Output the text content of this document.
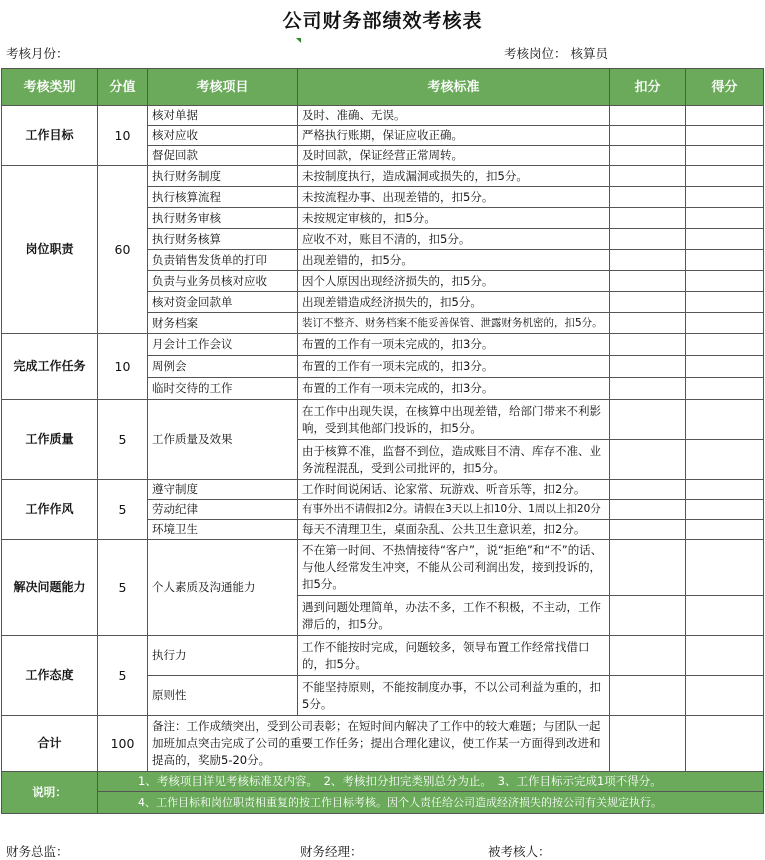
公司财务部绩效考核表
考核月份：	考核岗位： 核算员
考核类别	分值	考核项目	考核标准	扣分	得分
工作目标	10	核对单据	及时、准确、无误。		
		核对应收	严格执行账期，保证应收正确。		
		督促回款	及时回款，保证经营正常周转。		
岗位职责	60	执行财务制度	未按制度执行，造成漏洞或损失的，扣5分。		
		执行核算流程	未按流程办事、出现差错的，扣5分。		
		执行财务审核	未按规定审核的，扣5分。		
		执行财务核算	应收不对，账目不清的，扣5分。		
		负责销售发货单的打印	出现差错的，扣5分。		
		负责与业务员核对应收	因个人原因出现经济损失的，扣5分。		
		核对资金回款单	出现差错造成经济损失的，扣5分。		
		财务档案	装订不整齐、财务档案不能妥善保管、泄露财务机密的，扣5分。		
完成工作任务	10	月会计工作会议	布置的工作有一项未完成的，扣3分。		
		周例会	布置的工作有一项未完成的，扣3分。		
		临时交待的工作	布置的工作有一项未完成的，扣3分。		
工作质量	5	工作质量及效果	在工作中出现失误，在核算中出现差错，给部门带来不利影响，受到其他部门投诉的，扣5分。		
			由于核算不准，监督不到位，造成账目不清、库存不准、业务流程混乱，受到公司批评的，扣5分。		
工作作风	5	遵守制度	工作时间说闲话、论家常、玩游戏、听音乐等，扣2分。		
		劳动纪律	有事外出不请假扣2分。请假在3天以上扣10分、1周以上扣20分		
		环境卫生	每天不清理卫生，桌面杂乱、公共卫生意识差，扣2分。		
解决问题能力	5	个人素质及沟通能力	不在第一时间、不热情接待“客户”，说“拒绝”和“不”的话、与他人经常发生冲突，不能从公司利润出发，接到投诉的，扣5分。		
			遇到问题处理简单，办法不多，工作不积极，不主动，工作滞后的，扣5分。		
工作态度	5	执行力	工作不能按时完成，问题较多，领导布置工作经常找借口的，扣5分。		
		原则性	不能坚持原则，不能按制度办事，不以公司利益为重的，扣5分。		
合计	100	备注：工作成绩突出，受到公司表彰；在短时间内解决了工作中的较大难题；与团队一起加班加点突击完成了公司的重要工作任务；提出合理化建议，使工作某一方面得到改进和提高的，奖励5-20分。			
说明：	1、考核项目详见考核标准及内容。　2、考核扣分扣完类别总分为止。　3、工作目标示完成1项不得分。				
	4、工作目标和岗位职责相重复的按工作目标考核。因个人责任给公司造成经济损失的按公司有关规定执行。				
财务总监：	财务经理：	被考核人：
